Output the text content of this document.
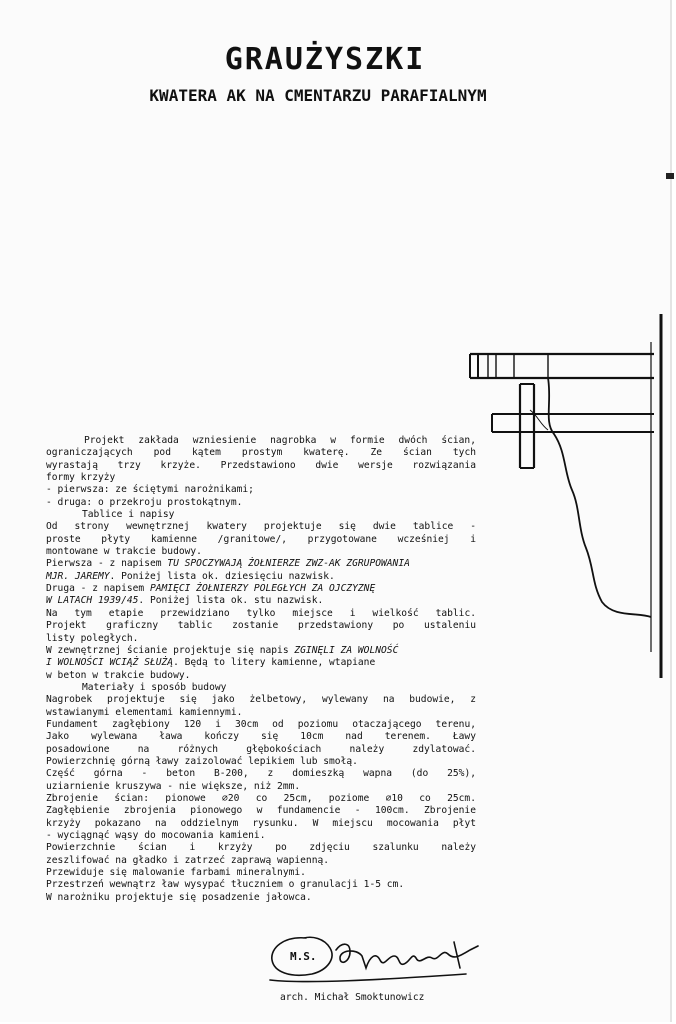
GRAUŻYSZKI
KWATERA AK NA CMENTARZU PARAFIALNYM
Projekt zakłada wzniesienie nagrobka w formie dwóch ścian,
ograniczających pod kątem prostym kwaterę. Ze ścian tych
wyrastają trzy krzyże. Przedstawiono dwie wersje rozwiązania
formy krzyży
- pierwsza: ze ściętymi narożnikami;
- druga: o przekroju prostokątnym.
Tablice i napisy
Od strony wewnętrznej kwatery projektuje się dwie tablice -
proste płyty kamienne /granitowe/, przygotowane wcześniej i
montowane w trakcie budowy.
Pierwsza - z napisem TU SPOCZYWAJĄ ŻOŁNIERZE ZWZ-AK ZGRUPOWANIA
MJR. JAREMY. Poniżej lista ok. dziesięciu nazwisk.
Druga - z napisem PAMIĘCI ŻOŁNIERZY POLEGŁYCH ZA OJCZYZNĘ
W LATACH 1939/45. Poniżej lista ok. stu nazwisk.
Na tym etapie przewidziano tylko miejsce i wielkość tablic.
Projekt graficzny tablic zostanie przedstawiony po ustaleniu
listy poległych.
W zewnętrznej ścianie projektuje się napis ZGINĘLI ZA WOLNOŚĆ
I WOLNOŚCI WCIĄŻ SŁUŻĄ. Będą to litery kamienne, wtapiane
w beton w trakcie budowy.
Materiały i sposób budowy
Nagrobek projektuje się jako żelbetowy, wylewany na budowie, z
wstawianymi elementami kamiennymi.
Fundament zagłębiony 120 i 30cm od poziomu otaczającego terenu,
Jako wylewana ława kończy się 10cm nad terenem. Ławy
posadowione na różnych głębokościach należy zdylatować.
Powierzchnię górną ławy zaizolować lepikiem lub smołą.
Część górna - beton B-200, z domieszką wapna (do 25%),
uziarnienie kruszywa - nie większe, niż 2mm.
Zbrojenie ścian: pionowe ∅20 co 25cm, poziome ∅10 co 25cm.
Zagłębienie zbrojenia pionowego w fundamencie - 100cm. Zbrojenie
krzyży pokazano na oddzielnym rysunku. W miejscu mocowania płyt
- wyciągnąć wąsy do mocowania kamieni.
Powierzchnie ścian i krzyży po zdjęciu szalunku należy
zeszlifować na gładko i zatrzeć zaprawą wapienną.
Przewiduje się malowanie farbami mineralnymi.
Przestrzeń wewnątrz ław wysypać tłuczniem o granulacji 1-5 cm.
W narożniku projektuje się posadzenie jałowca.
M.S.
arch. Michał Smoktunowicz
